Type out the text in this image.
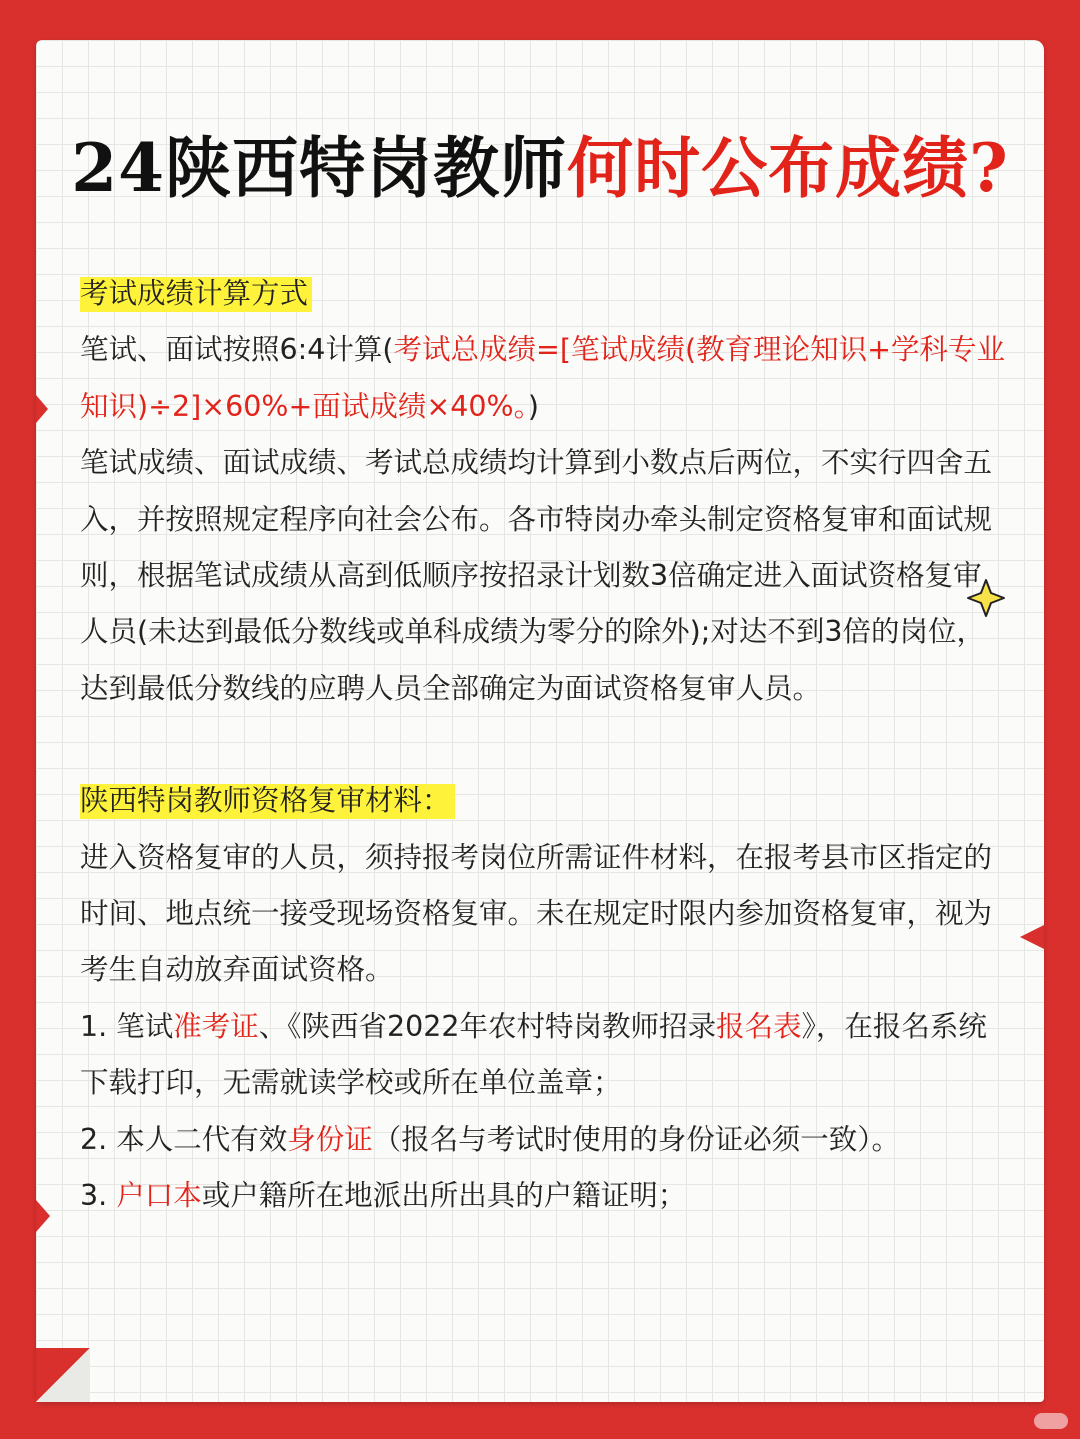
24陕西特岗教师何时公布成绩?

考试成绩计算方式

笔试、面试按照6:4计算(考试总成绩=[笔试成绩(教育理论知识+学科专业知识)÷2]×60%+面试成绩×40%。)

笔试成绩、面试成绩、考试总成绩均计算到小数点后两位，不实行四舍五入，并按照规定程序向社会公布。各市特岗办牵头制定资格复审和面试规则，根据笔试成绩从高到低顺序按招录计划数3倍确定进入面试资格复审人员(未达到最低分数线或单科成绩为零分的除外);对达不到3倍的岗位，达到最低分数线的应聘人员全部确定为面试资格复审人员。

陕西特岗教师资格复审材料：

进入资格复审的人员，须持报考岗位所需证件材料，在报考县市区指定的时间、地点统一接受现场资格复审。未在规定时限内参加资格复审，视为考生自动放弃面试资格。

1. 笔试准考证、《陕西省2022年农村特岗教师招录报名表》，在报名系统下载打印，无需就读学校或所在单位盖章；

2. 本人二代有效身份证（报名与考试时使用的身份证必须一致）。

3. 户口本或户籍所在地派出所出具的户籍证明；
